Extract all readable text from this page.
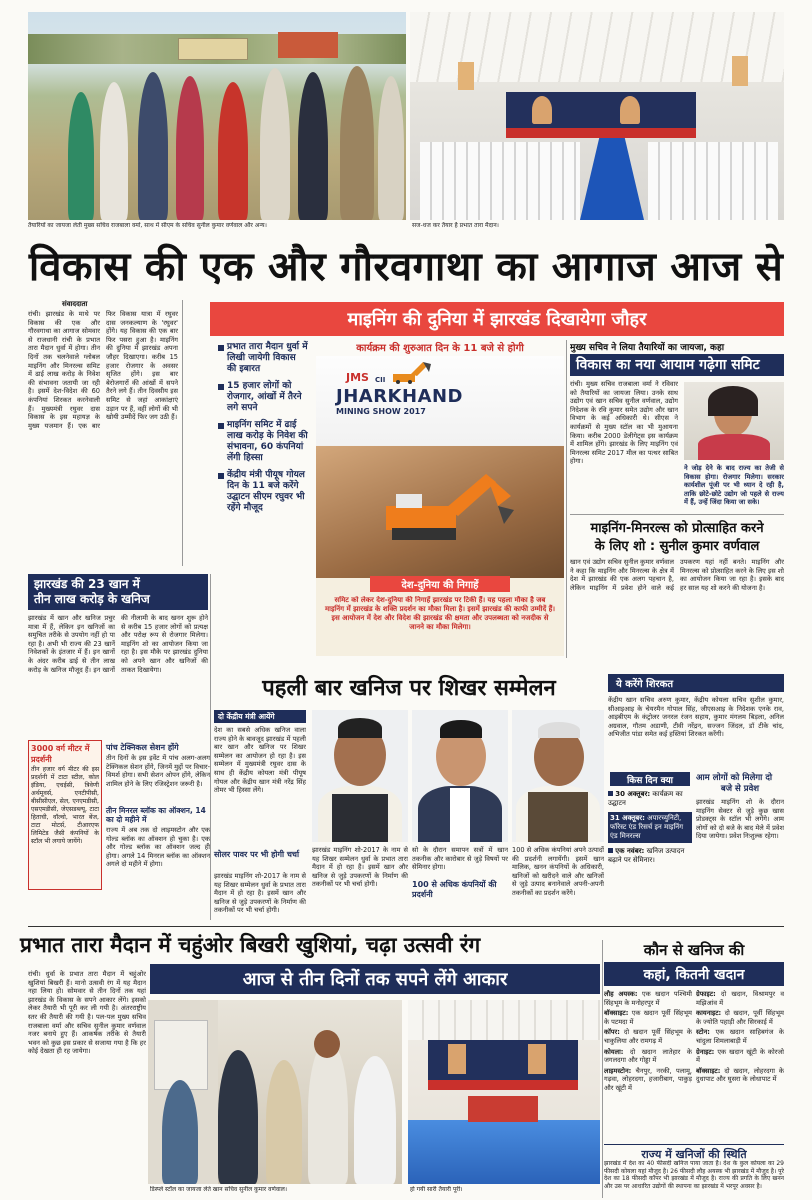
तैयारियों का जायजा लेती मुख्य सचिव राजबाला वर्मा, साथ में सीएम के सचिव सुनील कुमार वर्णवाल और अन्य।	सज-धज कर तैयार है प्रभात तारा मैदान।
विकास की एक और गौरवगाथा का आगाज आज से
संवाददाता
रांची। झारखंड के माथे पर विकास की एक और गौरवगाथा का आगाज सोमवार से राजधानी रांची के प्रभात तारा मैदान धुर्वा में होगा। तीन दिनों तक चलनेवाले ग्लोबल माइनिंग और मिनरल्स समिट में ढाई लाख करोड़ के निवेश की संभावना जतायी जा रही है। इसमें देश-विदेश की 60 कंपनियां शिरकत करनेवाली हैं। मुख्यमंत्री रघुवर दास विकास के इस महायज्ञ के मुख्य यजमान हैं। एक बार फिर विकास यात्रा में रघुवर दास जनकल्याण के 'रघुवर' होंगे। यह विकास की एक बार फिर पसरा हुआ है। माइनिंग की दुनिया में झारखंड अपना जौहर दिखाएगा। करीब 15 हजार रोजगार के अवसर सृजित होंगे। इस बार बेरोजगारों की आंखों में सपने तैरने लगे हैं। तीन दिवसीय इस समिट से जहां आकांक्षाएं उड़ान पर हैं, वहीं लोगों की भी खोयी उम्मीदें फिर जग उठी हैं।
माइनिंग की दुनिया में झारखंड दिखायेगा जौहर
प्रभात तारा मैदान धुर्वा में लिखी जायेगी विकास की इबारत
15 हजार लोगों को रोजगार, आंखों में तैरने लगे सपने
माइनिंग समिट में ढाई लाख करोड़ के निवेश की संभावना, 60 कंपनियां लेंगी हिस्सा
केंद्रीय मंत्री पीयूष गोयल दिन के 11 बजे करेंगे उद्घाटन सीएम रघुवर भी रहेंगे मौजूद
कार्यक्रम की शुरुआत दिन के 11 बजे से होगी
JMS CII
JHARKHAND
MINING SHOW 2017
देश-दुनिया की निगाहें
समिट को लेकर देश-दुनिया की निगाहें झारखंड पर टिकी हैं। यह पहला मौका है जब माइनिंग में झारखंड के शक्ति प्रदर्शन का मौका मिला है। इसमें झारखंड की काफी उम्मीदें हैं। इस आयोजन में देश और विदेश की झारखंड की क्षमता और उपलब्धता को नजदीक से जानने का मौका मिलेगा।
मुख्य सचिव ने लिया तैयारियों का जायजा, कहा
विकास का नया आयाम गढ़ेगा समिट
रांची। मुख्य सचिव राजबाला वर्मा ने रविवार को तैयारियों का जायजा लिया। उनके साथ उद्योग एवं खान सचिव सुनील वर्णवाल, उद्योग निदेशक के रवि कुमार समेत उद्योग और खान विभाग के कई अधिकारी थे। सीएस ने कार्यक्रमों से मुख्य स्टॉल का भी मुआयना किया। करीब 2000 डेलीगेट्स इस कार्यक्रम में शामिल होंगे। झारखंड के लिए माइनिंग एवं मिनरल्स समिट 2017 मील का पत्थर साबित होगा।
ने जोड़ देने के बाद राज्य का तेजी से विकास होगा। रोजगार मिलेगा। सरकार कार्यशील पूंजी पर भी ध्यान दे रही है, ताकि छोटे-छोटे उद्योग जो पहले से राज्य में हैं, उन्हें जिंदा किया जा सके।
माइनिंग-मिनरल्स को प्रोत्साहित करने
के लिए शो : सुनील कुमार वर्णवाल
खान एवं उद्योग सचिव सुनील कुमार वर्णवाल ने कहा कि माइनिंग और मिनरल्स के क्षेत्र में देश में झारखंड की एक अलग पहचान है, लेकिन माइनिंग में प्रवेश होने वाले कई उपकरण यहां नहीं बनते। माइनिंग और मिनरल्स को प्रोत्साहित करने के लिए इस शो का आयोजन किया जा रहा है। इसके बाद हर साल यह शो करने की योजना है।
झारखंड की 23 खान में
तीन लाख करोड़ के खनिज
झारखंड में खान और खनिज प्रचुर मात्रा में हैं, लेकिन इन खनिजों का समुचित तरीके से उपयोग नहीं हो पा रहा है। अभी भी राज्य की 23 खानें निवेशकों के इंतजार में हैं। इन खानों के अंदर करीब ढाई से तीन लाख करोड़ के खनिज मौजूद हैं। इन खानों की नीलामी के बाद खनन शुरू होने से करीब 15 हजार लोगों को प्रत्यक्ष और परोक्ष रूप से रोजगार मिलेगा। माइनिंग शो का आयोजन किया जा रहा है। इस मौके पर झारखंड दुनिया को अपने खान और खनिजों की ताकत दिखायेगा।
3000 वर्ग मीटर में
प्रदर्शनी
तीन हजार वर्ग मीटर की इस प्रदर्शनी में टाटा स्टील, कोल इंडिया, एचईसी, त्रिवेणी अर्थमूवर्स, एनटीपीसी, बीसीसीएल, सेल, एनएमडीसी, एसएमडीसी, जेएसडब्ल्यू, टाटा हिताची, वॉल्वो, भारत बेंज, टाटा मोटर्स, टीआरएफ लिमिटेड जैसी कंपनियों के स्टॉल भी लगाये जायेंगे।
पांच टेक्निकल सेशन होंगे
तीन दिनों के इस इवेंट में पांच अलग-अलग टेक्निकल सेशन होंगे, जिनमें मुद्दों पर विचार-विमर्श होगा। सभी सेशन ओपन होंगे, लेकिन शामिल होने के लिए रजिस्ट्रेशन जरूरी है।
तीन मिनरल ब्लॉक का ऑक्शन, 14 का दो महीने में
राज्य में अब तक दो लाइमस्टोन और एक गोल्ड ब्लॉक का ऑक्शन हो चुका है। एक और गोल्ड ब्लॉक का ऑक्शन जल्द ही होगा। अगले 14 मिनरल ब्लॉक का ऑक्शन अगले दो महीने में होगा।
पहली बार खनिज पर शिखर सम्मेलन	ये करेंगे शिरकत
केंद्रीय खान सचिव अरुण कुमार, केंद्रीय कोयला सचिव सुशील कुमार, सीआइआइ के चेयरमैन गोपाल सिंह, जीएसआइ के निदेशक एनके राव, आइबीएम के कंट्रोलर जनरल रंजन सहाय, कुमार मंगलम बिड़ला, अनिल अग्रवाल, गौतम अडाणी, टीवी नरेंद्रन, सज्जन जिंदल, डॉ टीके चांद, अभिजीत पांडा समेत कई हस्तियां शिरकत करेंगी।
दो केंद्रीय मंत्री आयेंगे
देश का सबसे अधिक खनिज वाला राज्य होने के बावजूद झारखंड में पहली बार खान और खनिज पर शिखर सम्मेलन का आयोजन हो रहा है। इस सम्मेलन में मुख्यमंत्री रघुवर दास के साथ ही केंद्रीय कोयला मंत्री पीयूष गोयल और केंद्रीय खान मंत्री नरेंद्र सिंह तोमर भी हिस्सा लेंगे।
सोलर पावर पर भी होगी चर्चा
झारखंड माइनिंग शो-2017 के नाम से यह शिखर सम्मेलन धुर्वा के प्रभात तारा मैदान में हो रहा है। इसमें खान और खनिज से जुड़े उपकरणों के निर्माण की तकनीकों पर भी चर्चा होगी।
सो के दौरान समापन सत्रों में खान तकनीक और कारोबार से जुड़े विषयों पर सेमिनार होगा।
100 से अधिक कंपनियों की प्रदर्शनी
100 से अधिक कंपनियां अपने उत्पादों की प्रदर्शनी लगायेंगी। इसमें खान मालिक, खनन कंपनियों के अधिकारी, खनिजों को खरीदने वाले और खनिजों से जुड़े उत्पाद बनानेवाले अपनी-अपनी तकनीकों का प्रदर्शन करेंगे।
झारखंड माइनिंग शो-2017 के नाम से यह शिखर सम्मेलन धुर्वा के प्रभात तारा मैदान में हो रहा है। इसमें खान और खनिज से जुड़े उपकरणों के निर्माण की तकनीकों पर भी चर्चा होगी।
किस दिन क्या
30 अक्तूबर: कार्यक्रम का उद्घाटन
31 अक्तूबर: अपारच्युनिटी, फॉरेस्ट एंड रिसर्च इन माइनिंग एंड मिनरल्स
एक नवंबर: खनिज उत्पादन बढ़ाने पर सेमिनार।
आम लोगों को मिलेगा दो
बजे से प्रवेश
झारखंड माइनिंग शो के दौरान माइनिंग सेक्टर से जुड़े कुछ खास प्रोडक्ट्स के स्टॉल भी लगेंगे। आम लोगों को दो बजे के बाद मेले में प्रवेश दिया जायेगा। प्रवेश निःशुल्क रहेगा।
प्रभात तारा मैदान में चहुंओर बिखरी खुशियां, चढ़ा उत्सवी रंग
आज से तीन दिनों तक सपने लेंगे आकार
रांची। धुर्वा के प्रभात तारा मैदान में चहुंओर खुशियां बिखरी हैं। मानो उत्सवी रंग में यह मैदान नहा लिया हो। सोमवार से तीन दिनों तक यहां झारखंड के विकास के सपने आकार लेंगे। इसको लेकर तैयारी भी पूरी कर ली गयी है। अंतरराष्ट्रीय स्तर की तैयारी की गयी है। पल-पल मुख्य सचिव राजबाला वर्मा और सचिव सुनील कुमार वर्णवाल नजर बनाये हुए हैं। आकर्षक तरीके से तैयारी भवन को कुछ इस प्रकार से सजाया गया है कि हर कोई देखता ही रह जायेगा।
डिस्प्ले स्टॉल का जायजा लेते खान सचिव सुनील कुमार वर्णवाल।	हो गयी सारी तैयारी पूरी।
कौन से खनिज की
कहां, कितनी खदान
लौह अयस्क: एक खदान पश्चिमी सिंहभूम के मनोहरपुर में
बॉक्साइट: एक खदान पूर्वी सिंहभूम के पटमदा में
कॉपर: दो खदान पूर्वी सिंहभूम के चाकुलिया और रामगढ़ में
कोयला: दो खदान लातेहार के जगलदगा और गोड्डा में
लाइमस्टोन: चैनपुर, नरकी, पलामू, गढ़वा, लोहरदगा, हजारीबाग, पाकुड़ और खूंटी में
ग्रेफाइट: दो खदान, विश्रामपुर व मझिआंव में
कायनाइट: दो खदान, पूर्वी सिंहभूम के ज्योति पहाड़ी और सिरकाई में
स्टोन: एक खदान साहिबगंज के चांदुला शिमलाबाड़ी में
ग्रेनाइट: एक खदान खूंटी के कोरजो में
बॉक्साइट: दो खदान, लोहरदगा के दुधापाट और घुसरा के लोधापाट में
राज्य में खनिजों की स्थिति
झारखंड में देश का 40 फीसदी खनिज पाया जाता है। देश के कुल कोयला का 29 फीसदी कोयला यहां मौजूद है। 26 फीसदी लौह अयस्क भी झारखंड में मौजूद है। पूरे देश का 18 फीसदी कॉपर भी झारखंड में मौजूद है। राज्य की प्रगति के लिए खनन और उस पर आधारित उद्योगों की स्थापना का झारखंड में भरपूर अवसर है।
